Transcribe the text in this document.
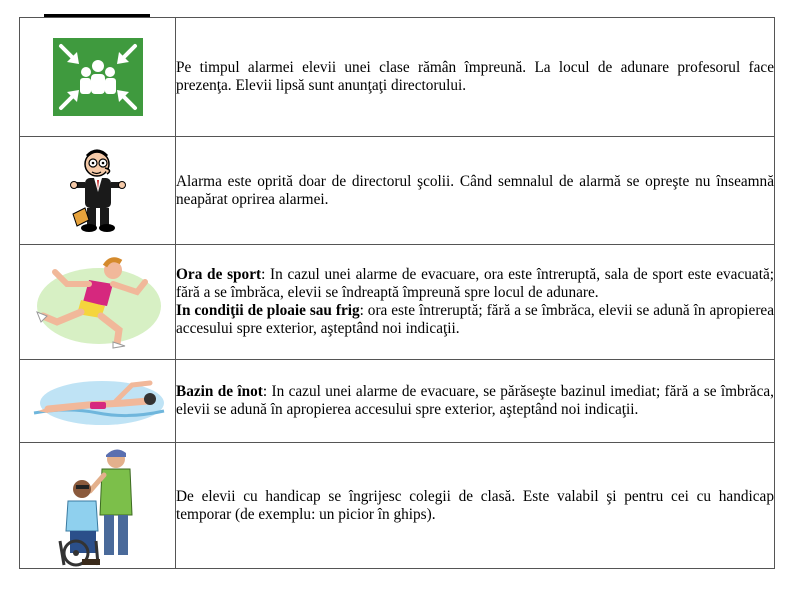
Pe timpul alarmei elevii unei clase rămân împreună. La locul de adunare profesorul face prezenţa. Elevii lipsă sunt anunţaţi directorului.

Alarma este oprită doar de directorul şcolii. Când semnalul de alarmă se opreşte nu înseamnă neapărat oprirea alarmei.

Ora de sport: In cazul unei alarme de evacuare, ora este întreruptă, sala de sport este evacuată; fără a se îmbrăca, elevii se îndreaptă împreună spre locul de adunare.

In condiţii de ploaie sau frig: ora este întreruptă; fără a se îmbrăca, elevii se adună în apropierea accesului spre exterior, aşteptând noi indicaţii.

Bazin de înot: In cazul unei alarme de evacuare, se părăseşte bazinul imediat; fără a se îmbrăca, elevii se adună în apropierea accesului spre exterior, aşteptând noi indicaţii.

De elevii cu handicap se îngrijesc colegii de clasă. Este valabil şi pentru cei cu handicap temporar (de exemplu: un picior în ghips).
